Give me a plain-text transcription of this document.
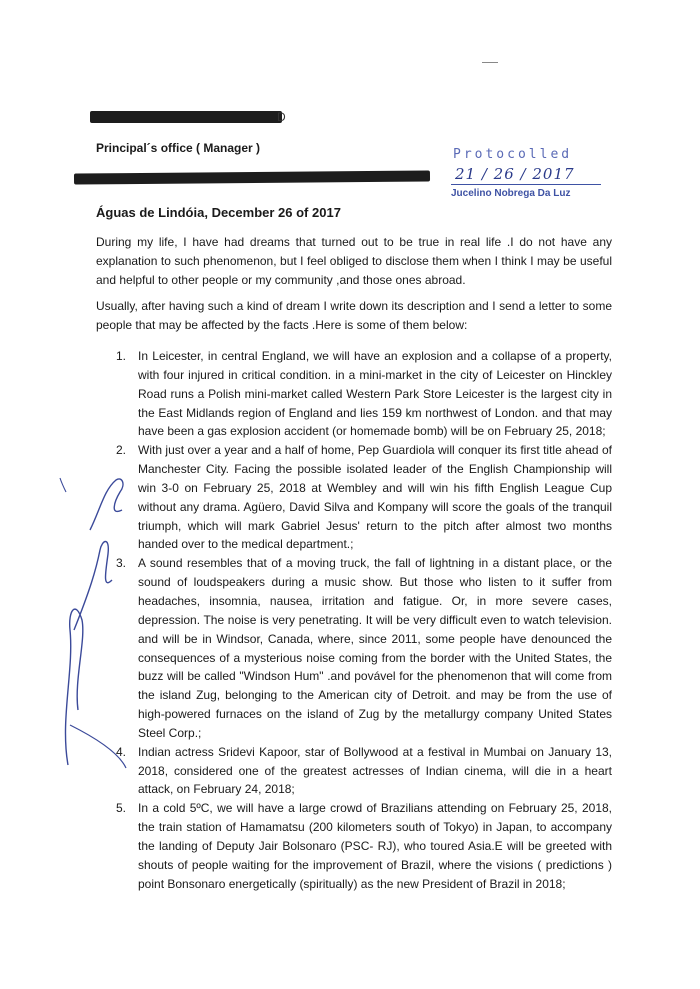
D
Principal´s office ( Manager )	Protocolled
21 / 26 / 2017
Jucelino Nobrega Da Luz
Águas de Lindóia, December 26 of 2017
During my life, I have had dreams that turned out to be true in real life .I do not have any explanation to such phenomenon, but I feel obliged to disclose them when I think I may be useful and helpful to other people or my community ,and those ones abroad.
Usually, after having such a kind of dream I write down its description and I send a letter to some people that may be affected by the facts .Here is some of them below:
1. In Leicester, in central England, we will have an explosion and a collapse of a property, with four injured in critical condition. in a mini-market in the city of Leicester on Hinckley Road runs a Polish mini-market called Western Park Store Leicester is the largest city in the East Midlands region of England and lies 159 km northwest of London. and that may have been a gas explosion accident (or homemade bomb) will be on February 25, 2018;
2. With just over a year and a half of home, Pep Guardiola will conquer its first title ahead of Manchester City. Facing the possible isolated leader of the English Championship will win 3-0 on February 25, 2018 at Wembley and will win his fifth English League Cup without any drama. Agüero, David Silva and Kompany will score the goals of the tranquil triumph, which will mark Gabriel Jesus' return to the pitch after almost two months handed over to the medical department.;
3. A sound resembles that of a moving truck, the fall of lightning in a distant place, or the sound of loudspeakers during a music show. But those who listen to it suffer from headaches, insomnia, nausea, irritation and fatigue. Or, in more severe cases, depression. The noise is very penetrating. It will be very difficult even to watch television. and will be in Windsor, Canada, where, since 2011, some people have denounced the consequences of a mysterious noise coming from the border with the United States, the buzz will be called "Windson Hum" .and povável for the phenomenon that will come from the island Zug, belonging to the American city of Detroit. and may be from the use of high-powered furnaces on the island of Zug by the metallurgy company United States Steel Corp.;
4. Indian actress Sridevi Kapoor, star of Bollywood at a festival in Mumbai on January 13, 2018, considered one of the greatest actresses of Indian cinema, will die in a heart attack, on February 24, 2018;
5. In a cold 5ºC, we will have a large crowd of Brazilians attending on February 25, 2018, the train station of Hamamatsu (200 kilometers south of Tokyo) in Japan, to accompany the landing of Deputy Jair Bolsonaro (PSC- RJ), who toured Asia.E will be greeted with shouts of people waiting for the improvement of Brazil, where the visions ( predictions ) point Bonsonaro energetically (spiritually) as the new President of Brazil in 2018;
